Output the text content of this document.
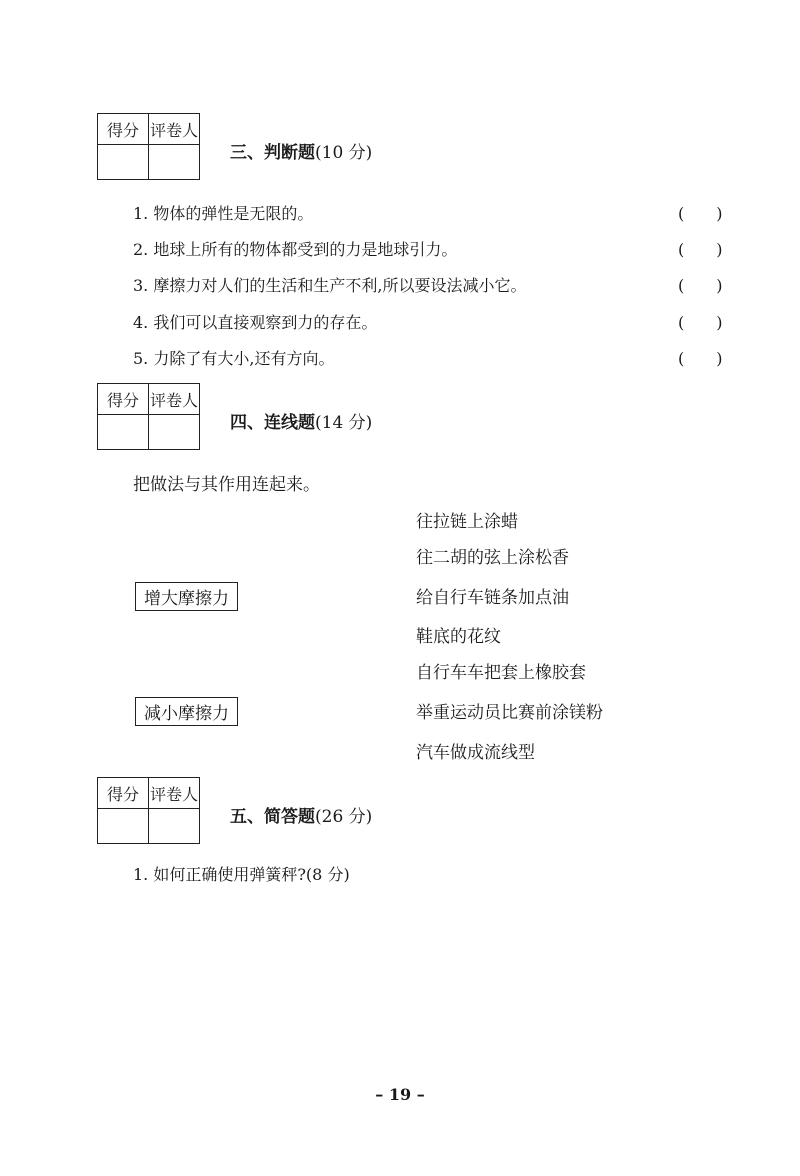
得分	评卷人

三、判断题(10 分)
1. 物体的弹性是无限的。	(　　)
2. 地球上所有的物体都受到的力是地球引力。	(　　)
3. 摩擦力对人们的生活和生产不利,所以要设法减小它。	(　　)
4. 我们可以直接观察到力的存在。	(　　)
5. 力除了有大小,还有方向。	(　　)
得分	评卷人

四、连线题(14 分)
把做法与其作用连起来。
往拉链上涂蜡
往二胡的弦上涂松香
增大摩擦力	给自行车链条加点油
鞋底的花纹
自行车车把套上橡胶套
减小摩擦力	举重运动员比赛前涂镁粉
汽车做成流线型
得分	评卷人

五、简答题(26 分)
1. 如何正确使用弹簧秤?(8 分)
– 19 –
